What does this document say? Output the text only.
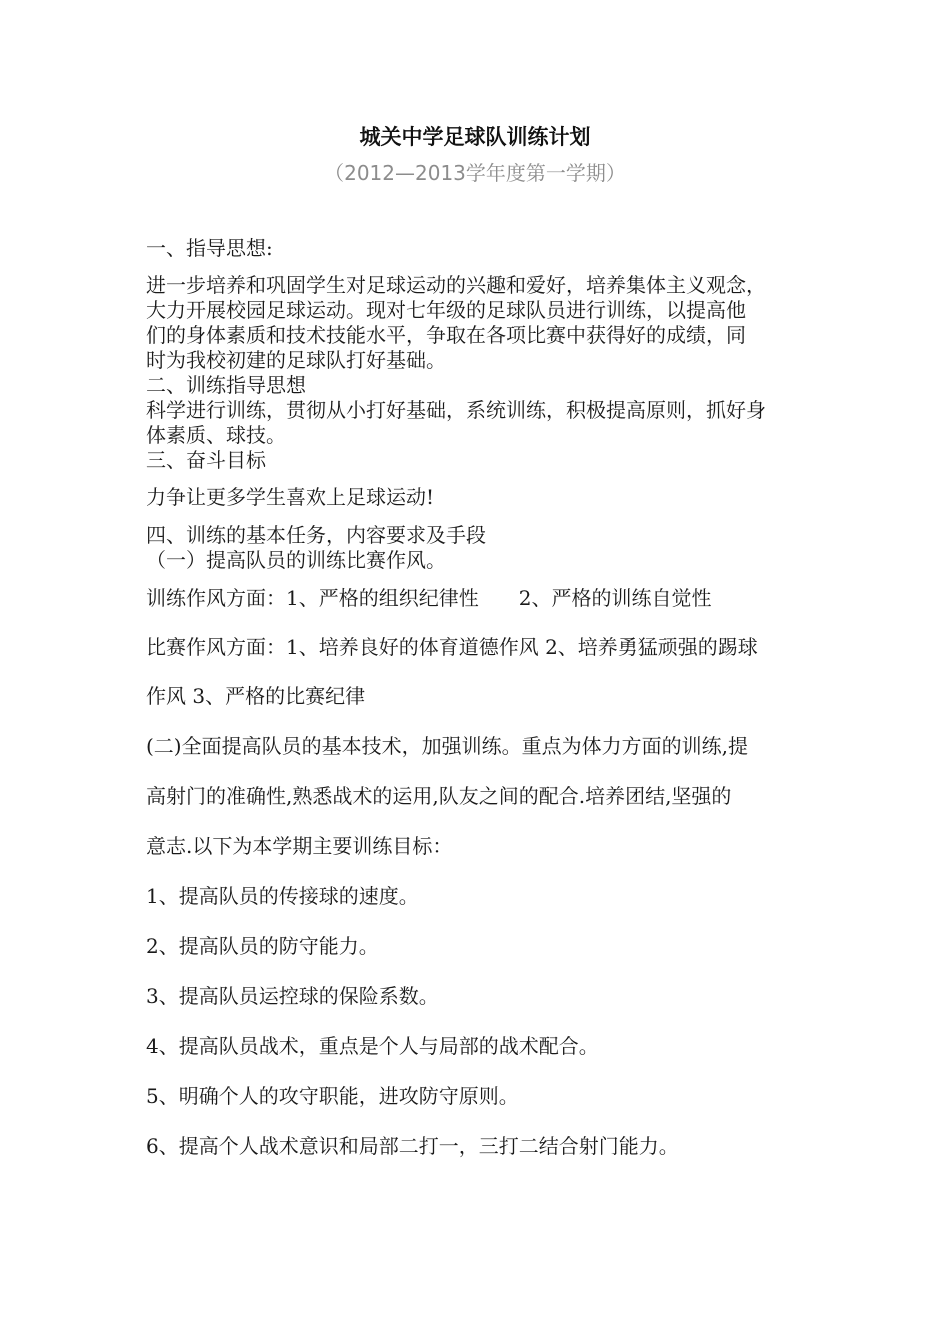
城关中学足球队训练计划
（2012—2013学年度第一学期）
一、指导思想:
进一步培养和巩固学生对足球运动的兴趣和爱好，培养集体主义观念，
大力开展校园足球运动。现对七年级的足球队员进行训练，以提高他
们的身体素质和技术技能水平，争取在各项比赛中获得好的成绩，同
时为我校初建的足球队打好基础。
二、训练指导思想
科学进行训练，贯彻从小打好基础，系统训练，积极提高原则，抓好身
体素质、球技。
三、奋斗目标
力争让更多学生喜欢上足球运动!
四、训练的基本任务，内容要求及手段
（一）提高队员的训练比赛作风。
训练作风方面：1、严格的组织纪律性 2、严格的训练自觉性
比赛作风方面：1、培养良好的体育道德作风 2、培养勇猛顽强的踢球
作风 3、严格的比赛纪律
(二)全面提高队员的基本技术，加强训练。重点为体力方面的训练,提
高射门的准确性,熟悉战术的运用,队友之间的配合.培养团结,坚强的
意志.以下为本学期主要训练目标：
1、提高队员的传接球的速度。
2、提高队员的防守能力。
3、提高队员运控球的保险系数。
4、提高队员战术，重点是个人与局部的战术配合。
5、明确个人的攻守职能，进攻防守原则。
6、提高个人战术意识和局部二打一，三打二结合射门能力。
